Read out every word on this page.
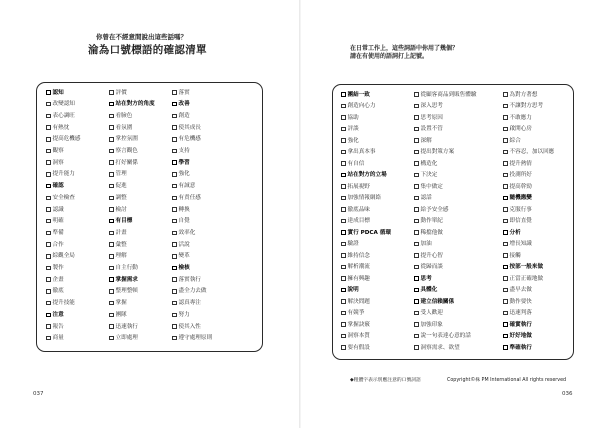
你曾在不經意間說出這些話嗎？
淪為口號標語的確認清單
認知
改變認知
表心調旺
有熱忱
提高危機感
觀察
洞察
提升能力
確認
安全檢查
認識
明確
準備
合作
綜觀全局
製作
企畫
徹底
提升技能
注意
報告
商量
評價
站在對方的角度
看臉色
看氛圍
掌控氛圍
察言觀色
打好關係
管理
促進
調整
檢討
有目標
計畫
彙整
理解
自主行動
掌握需求
整理整頓
掌握
團隊
迅速執行
立即處理
落實
改善
創造
使其成長
有危機感
支持
學習
強化
有誠意
有責任感
轉換
自覺
效率化
活說
變革
檢核
落實執行
盡全力去做
認真專注
努力
使其入性
遵守處理原則
037
在日常工作上，這些詞語中你用了幾個？
請在有使用的語詞打上記號。
團結一致
創造向心力
協助
評談
強化
拿出真本事
有自信
站在對方的立場
拓展視野
加強情報網絡
徹底品味
達成目標
實行 PDCA 循環
驗證
維持信念
解析潮流
擁有興趣
說明
解決問題
有競爭
掌握訣竅
洞察本質
要有假設
從顧客商品到販售體驗
深入思考
思考原因
設置不管
深解
提出對策方案
構造化
下決定
集中做定
認話
給予安全感
動作單紀
稀擋他做
加油
提升心智
從歸而談
思考
具體化
建立信賴關係
受人歡迎
加強印象
說一句表達心意的話
洞察需求、欲望
為對方著想
不讓對方思考
不敢應力
啟開心房
綜合
不容忍，加以回應
提升熱情
投測所好
提高幹勁
隨機應變
克服行事
即信直覺
分析
增長知識
接觸
按部一般來做
正當正確地做
盡早去做
動作要快
迅速判落
確實執行
好好地做
準確執行
◆粗體字表示別應注意的口號詞語	Copyright©株 PM International All rights reserved
036
